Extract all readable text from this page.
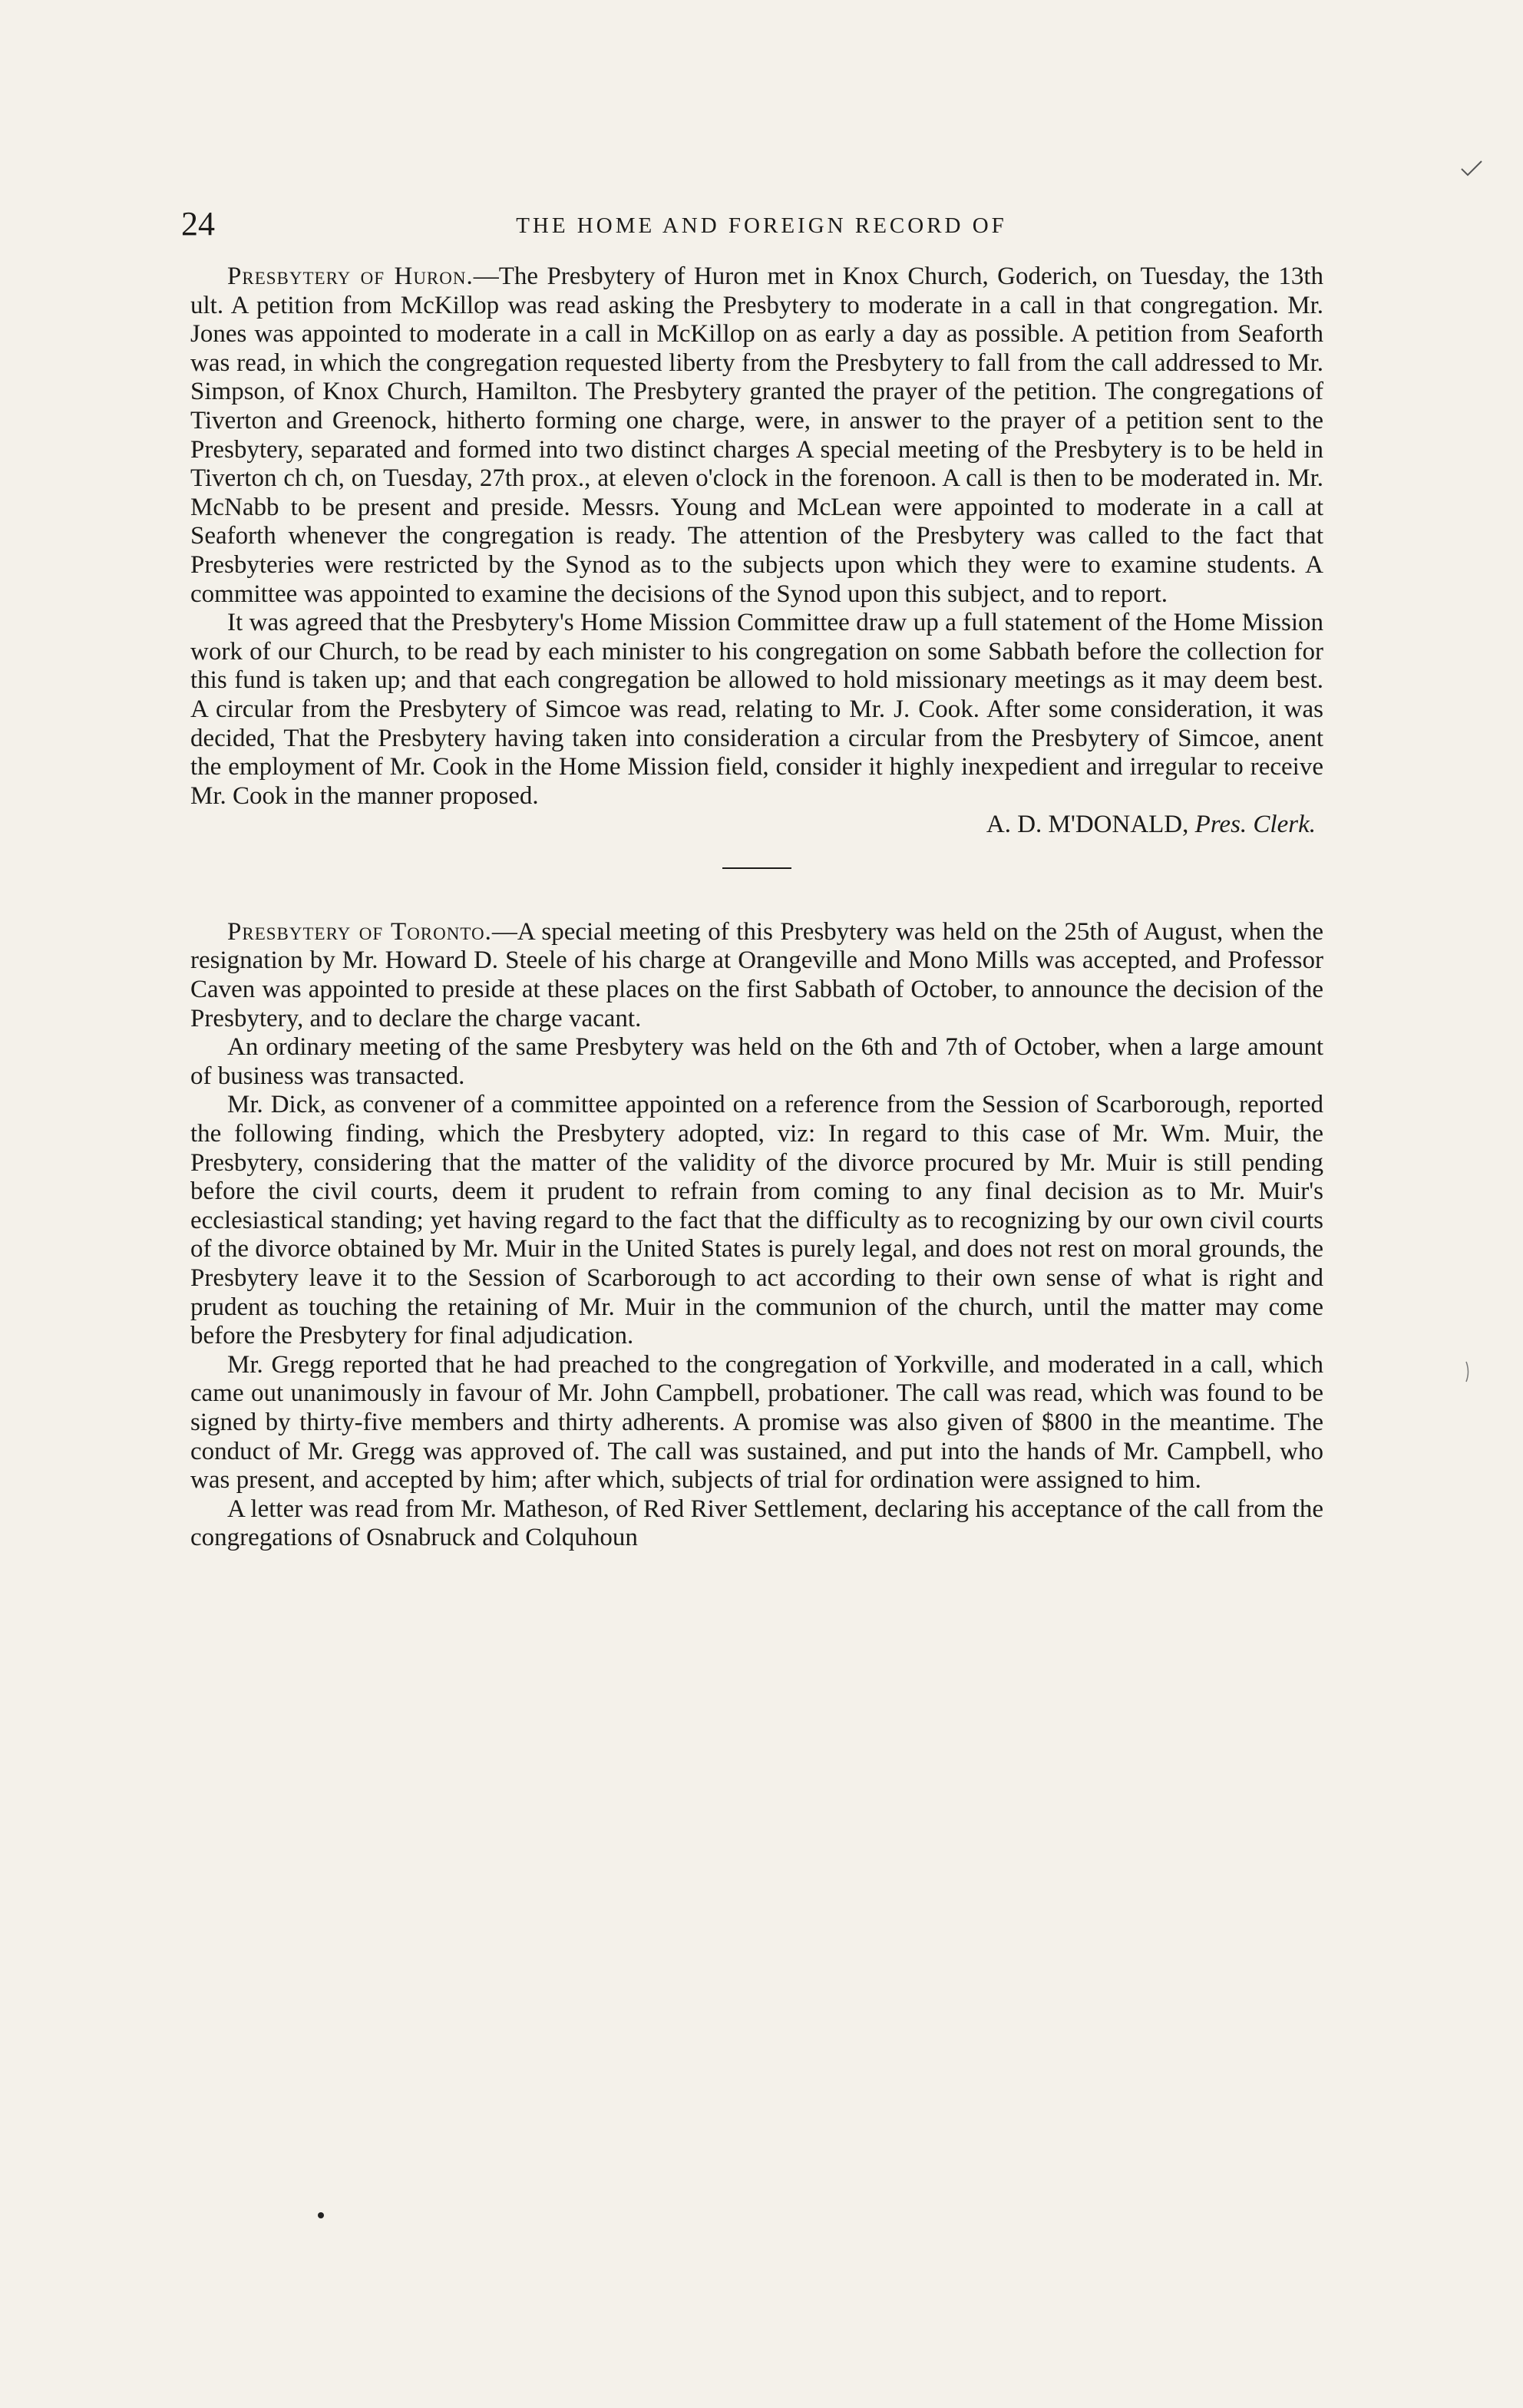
24	THE HOME AND FOREIGN RECORD OF

Presbytery of Huron.—The Presbytery of Huron met in Knox Church, Goderich, on Tuesday, the 13th ult. A petition from McKillop was read asking the Presbytery to moderate in a call in that congregation. Mr. Jones was appointed to moderate in a call in McKillop on as early a day as possible. A petition from Seaforth was read, in which the congregation requested liberty from the Presbytery to fall from the call addressed to Mr. Simpson, of Knox Church, Hamilton. The Presbytery granted the prayer of the petition. The congregations of Tiverton and Greenock, hitherto forming one charge, were, in answer to the prayer of a petition sent to the Presbytery, separated and formed into two distinct charges A special meeting of the Presbytery is to be held in Tiverton ch ch, on Tuesday, 27th prox., at eleven o'clock in the forenoon. A call is then to be moderated in. Mr. McNabb to be present and preside. Messrs. Young and McLean were appointed to moderate in a call at Seaforth whenever the congregation is ready. The attention of the Presbytery was called to the fact that Presbyteries were restricted by the Synod as to the subjects upon which they were to examine students. A committee was appointed to examine the decisions of the Synod upon this subject, and to report.

It was agreed that the Presbytery's Home Mission Committee draw up a full statement of the Home Mission work of our Church, to be read by each minister to his congregation on some Sabbath before the collection for this fund is taken up; and that each congregation be allowed to hold missionary meetings as it may deem best. A circular from the Presbytery of Simcoe was read, relating to Mr. J. Cook. After some consideration, it was decided, That the Presbytery having taken into consideration a circular from the Presbytery of Simcoe, anent the employment of Mr. Cook in the Home Mission field, consider it highly inexpedient and irregular to receive Mr. Cook in the manner proposed.

A. D. M'DONALD, Pres. Clerk.

Presbytery of Toronto.—A special meeting of this Presbytery was held on the 25th of August, when the resignation by Mr. Howard D. Steele of his charge at Orangeville and Mono Mills was accepted, and Professor Caven was appointed to preside at these places on the first Sabbath of October, to announce the decision of the Presbytery, and to declare the charge vacant.

An ordinary meeting of the same Presbytery was held on the 6th and 7th of October, when a large amount of business was transacted.

Mr. Dick, as convener of a committee appointed on a reference from the Session of Scarborough, reported the following finding, which the Presbytery adopted, viz: In regard to this case of Mr. Wm. Muir, the Presbytery, considering that the matter of the validity of the divorce procured by Mr. Muir is still pending before the civil courts, deem it prudent to refrain from coming to any final decision as to Mr. Muir's ecclesiastical standing; yet having regard to the fact that the difficulty as to recognizing by our own civil courts of the divorce obtained by Mr. Muir in the United States is purely legal, and does not rest on moral grounds, the Presbytery leave it to the Session of Scarborough to act according to their own sense of what is right and prudent as touching the retaining of Mr. Muir in the communion of the church, until the matter may come before the Presbytery for final adjudication.

Mr. Gregg reported that he had preached to the congregation of Yorkville, and moderated in a call, which came out unanimously in favour of Mr. John Campbell, probationer. The call was read, which was found to be signed by thirty-five members and thirty adherents. A promise was also given of $800 in the meantime. The conduct of Mr. Gregg was approved of. The call was sustained, and put into the hands of Mr. Campbell, who was present, and accepted by him; after which, subjects of trial for ordination were assigned to him.

A letter was read from Mr. Matheson, of Red River Settlement, declaring his acceptance of the call from the congregations of Osnabruck and Colquhoun
